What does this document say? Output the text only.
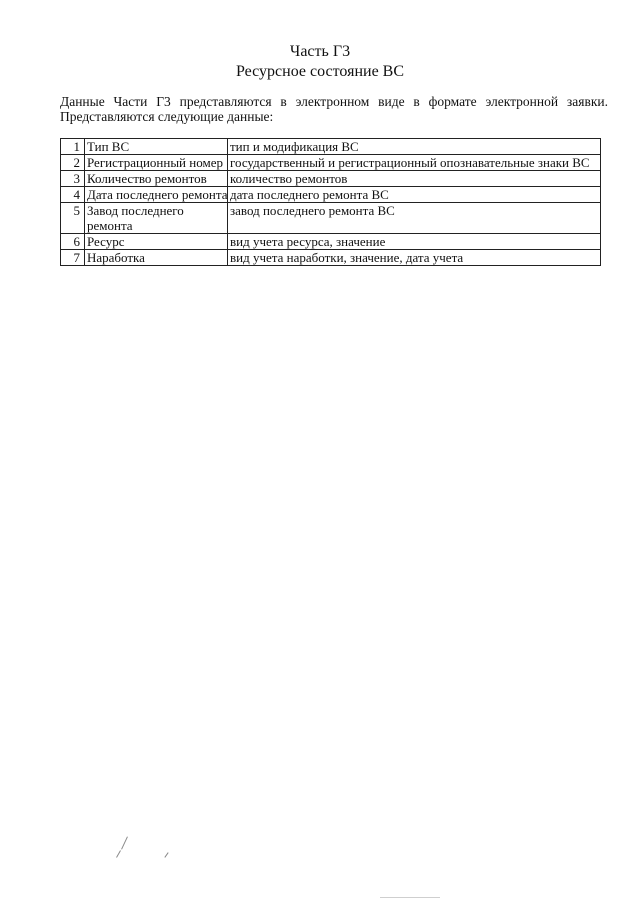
Часть Г3
Ресурсное состояние ВС
Данные Части Г3 представляются в электронном виде в формате электронной заявки.
Представляются следующие данные:
1	Тип ВС	тип и модификация ВС
2	Регистрационный номер	государственный и регистрационный опознавательные знаки ВС
3	Количество ремонтов	количество ремонтов
4	Дата последнего ремонта	дата последнего ремонта ВС
5	Завод последнего ремонта	завод последнего ремонта ВС
6	Ресурс	вид учета ресурса, значение
7	Наработка	вид учета наработки, значение, дата учета
